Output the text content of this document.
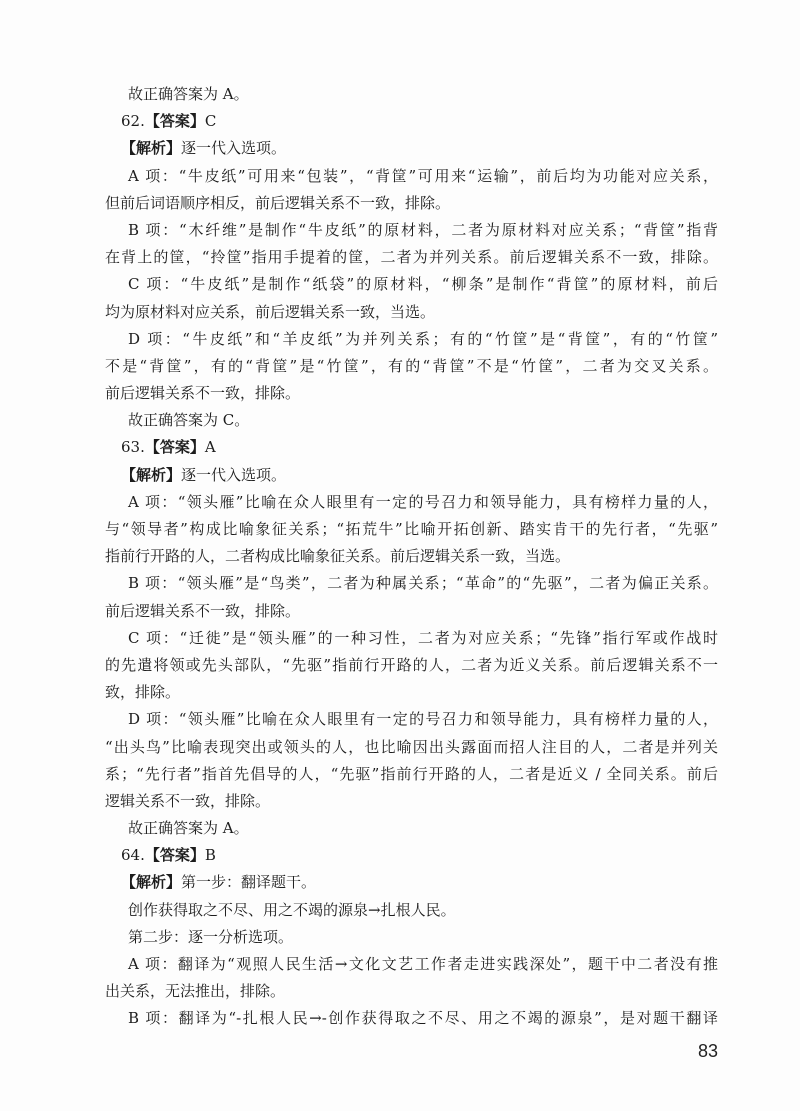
故正确答案为 A。
62.【答案】C
【解析】逐一代入选项。
A 项：“牛皮纸”可用来“包装”，“背筐”可用来“运输”，前后均为功能对应关系，
但前后词语顺序相反，前后逻辑关系不一致，排除。
B 项：“木纤维”是制作“牛皮纸”的原材料，二者为原材料对应关系；“背筐”指背
在背上的筐，“拎筐”指用手提着的筐，二者为并列关系。前后逻辑关系不一致，排除。
C 项：“牛皮纸”是制作“纸袋”的原材料，“柳条”是制作“背筐”的原材料，前后
均为原材料对应关系，前后逻辑关系一致，当选。
D 项：“牛皮纸”和“羊皮纸”为并列关系；有的“竹筐”是“背筐”，有的“竹筐”
不是“背筐”，有的“背筐”是“竹筐”，有的“背筐”不是“竹筐”，二者为交叉关系。
前后逻辑关系不一致，排除。
故正确答案为 C。
63.【答案】A
【解析】逐一代入选项。
A 项：“领头雁”比喻在众人眼里有一定的号召力和领导能力，具有榜样力量的人，
与“领导者”构成比喻象征关系；“拓荒牛”比喻开拓创新、踏实肯干的先行者，“先驱”
指前行开路的人，二者构成比喻象征关系。前后逻辑关系一致，当选。
B 项：“领头雁”是“鸟类”，二者为种属关系；“革命”的“先驱”，二者为偏正关系。
前后逻辑关系不一致，排除。
C 项：“迁徙”是“领头雁”的一种习性，二者为对应关系；“先锋”指行军或作战时
的先遣将领或先头部队，“先驱”指前行开路的人，二者为近义关系。前后逻辑关系不一
致，排除。
D 项：“领头雁”比喻在众人眼里有一定的号召力和领导能力，具有榜样力量的人，
“出头鸟”比喻表现突出或领头的人，也比喻因出头露面而招人注目的人，二者是并列关
系；“先行者”指首先倡导的人，“先驱”指前行开路的人，二者是近义 / 全同关系。前后
逻辑关系不一致，排除。
故正确答案为 A。
64.【答案】B
【解析】第一步：翻译题干。
创作获得取之不尽、用之不竭的源泉→扎根人民。
第二步：逐一分析选项。
A 项：翻译为“观照人民生活→文化文艺工作者走进实践深处”，题干中二者没有推
出关系，无法推出，排除。
B 项：翻译为“-扎根人民→-创作获得取之不尽、用之不竭的源泉”，是对题干翻译
83
